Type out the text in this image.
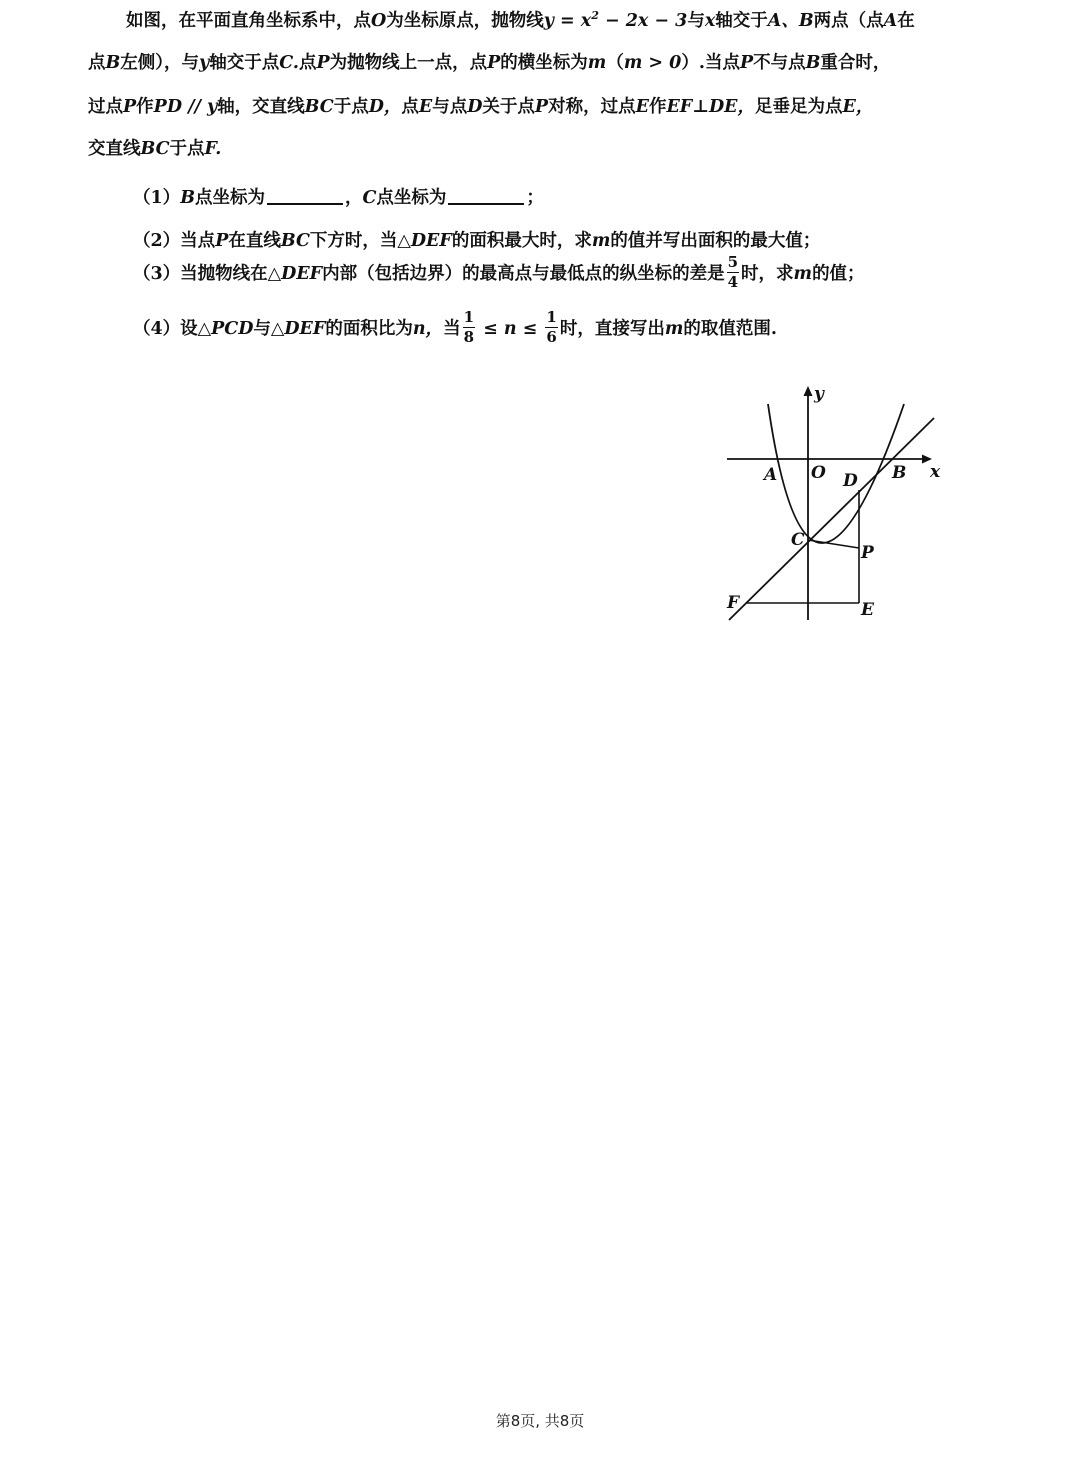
如图，在平面直角坐标系中，点O为坐标原点，抛物线$y = x^2 - 2x - 3$与x轴交于A、B两点（点A在
点B左侧），与y轴交于点C.点P为抛物线上一点，点P的横坐标为m（m > 0）.当点P不与点B重合时，
过点P作PD // y轴，交直线BC于点D，点E与点D关于点P对称，过点E作EF⊥DE，足垂足为点E，
交直线BC于点F.
（1）B点坐标为	，C点坐标为	；
（2）当点P在直线BC下方时，当△DEF的面积最大时，求m的值并写出面积的最大值；
（3）当抛物线在△DEF内部（包括边界）的最高点与最低点的纵坐标的差是 $\frac{5}{4}$ 时，求m的值；
（4）设△PCD与△DEF的面积比为n，当 $\frac{1}{8} \le n \le \frac{1}{6}$ 时，直接写出m的取值范围.
y
x
A O D B
C
P
F	E
第8页, 共8页
